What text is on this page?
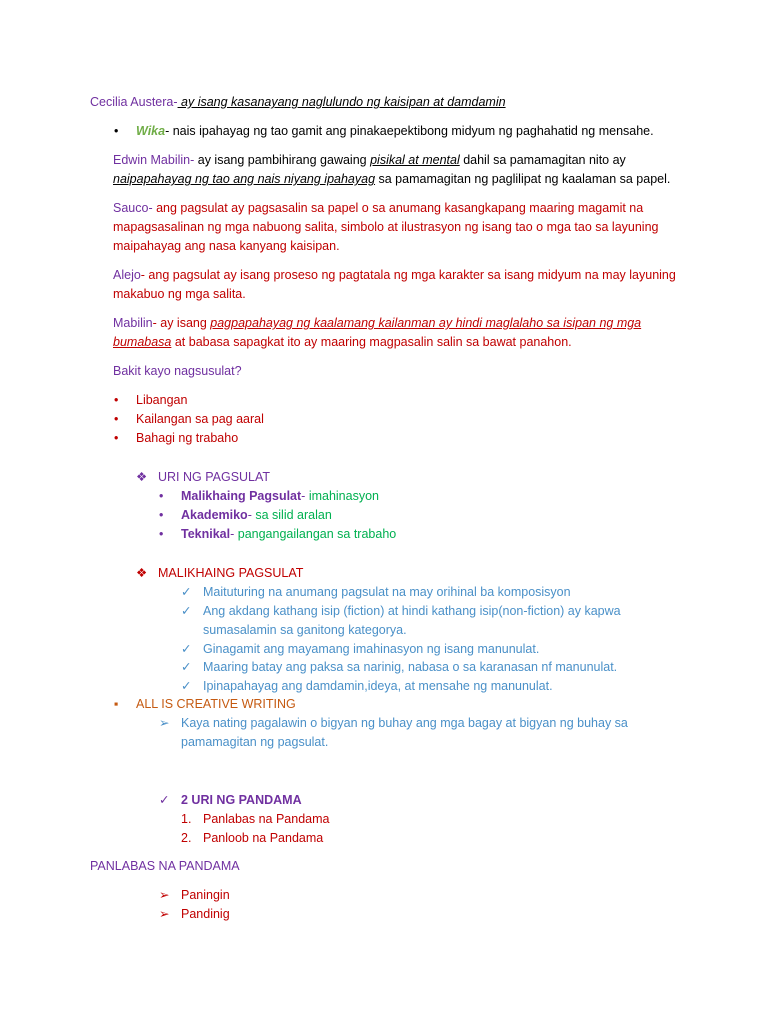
Cecilia Austera- ay isang kasanayang naglulundo ng kaisipan at damdamin
•	Wika- nais ipahayag ng tao gamit ang pinakaepektibong midyum ng paghahatid ng mensahe.
Edwin Mabilin- ay isang pambihirang gawaing pisikal at mental dahil sa pamamagitan nito ay
naipapahayag ng tao ang nais niyang ipahayag sa pamamagitan ng paglilipat ng kaalaman sa papel.
Sauco- ang pagsulat ay pagsasalin sa papel o sa anumang kasangkapang maaring magamit na
mapagsasalinan ng mga nabuong salita, simbolo at ilustrasyon ng isang tao o mga tao sa layuning
maipahayag ang nasa kanyang kaisipan.
Alejo- ang pagsulat ay isang proseso ng pagtatala ng mga karakter sa isang midyum na may layuning
makabuo ng mga salita.
Mabilin- ay isang pagpapahayag ng kaalamang kailanman ay hindi maglalaho sa isipan ng mga
bumabasa at babasa sapagkat ito ay maaring magpasalin salin sa bawat panahon.
Bakit kayo nagsusulat?
• Libangan
• Kailangan sa pag aaral
• Bahagi ng trabaho
❖ URI NG PAGSULAT
• Malikhaing Pagsulat- imahinasyon
• Akademiko- sa silid aralan
• Teknikal- pangangailangan sa trabaho
❖ MALIKHAING PAGSULAT
✓ Maituturing na anumang pagsulat na may orihinal ba komposisyon
✓ Ang akdang kathang isip (fiction) at hindi kathang isip(non-fiction) ay kapwa
sumasalamin sa ganitong kategorya.
✓ Ginagamit ang mayamang imahinasyon ng isang manunulat.
✓ Maaring batay ang paksa sa narinig, nabasa o sa karanasan nf manunulat.
✓ Ipinapahayag ang damdamin,ideya, at mensahe ng manunulat.
▪ ALL IS CREATIVE WRITING
➢ Kaya nating pagalawin o bigyan ng buhay ang mga bagay at bigyan ng buhay sa
pamamagitan ng pagsulat.
✓ 2 URI NG PANDAMA
1. Panlabas na Pandama
2. Panloob na Pandama
PANLABAS NA PANDAMA
➢ Paningin
➢ Pandinig
